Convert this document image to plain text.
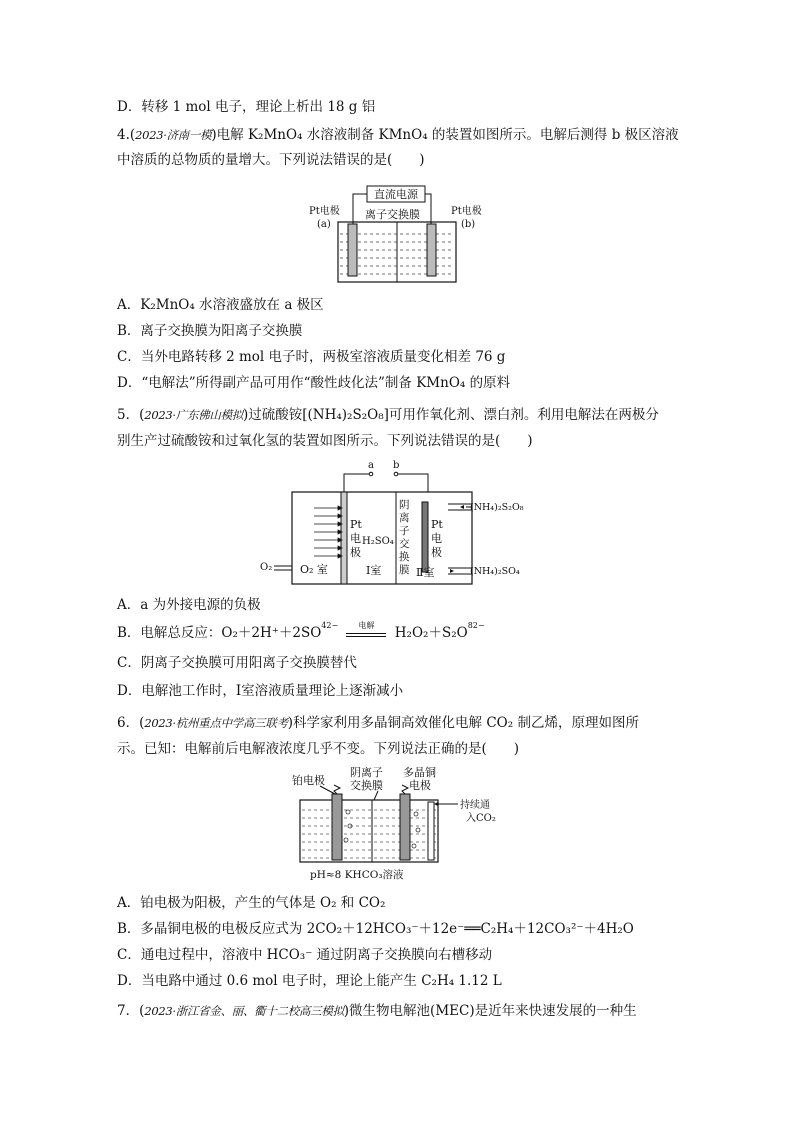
D．转移 1 mol 电子，理论上析出 18 g 铝
4.(2023·济南一模)电解 K₂MnO₄ 水溶液制备 KMnO₄ 的装置如图所示。电解后测得 b 极区溶液
中溶质的总物质的量增大。下列说法错误的是(　　)
直流电源
Pt电极
(a)
离子交换膜	Pt电极
(b)
A．K₂MnO₄ 水溶液盛放在 a 极区
B．离子交换膜为阳离子交换膜
C．当外电路转移 2 mol 电子时，两极室溶液质量变化相差 76 g
D．“电解法”所得副产品可用作“酸性歧化法”制备 KMnO₄ 的原料
5．(2023·广东佛山模拟)过硫酸铵[(NH₄)₂S₂O₈]可用作氧化剂、漂白剂。利用电解法在两极分
别生产过硫酸铵和过氧化氢的装置如图所示。下列说法错误的是(　　)
a b
O₂	O₂ 室
Pt
电
极
H₂SO₄
Ⅰ室
阴
离
子
交
换
膜
Pt
电
极
Ⅱ室
(NH₄)₂S₂O₈
(NH₄)₂SO₄
A．a 为外接电源的负极
B．电解总反应：$O_2+2H^++2SO^{42-}$	电解	$H_2O_2+S_2O^{82-}$
C．阴离子交换膜可用阳离子交换膜替代
D．电解池工作时，Ⅰ室溶液质量理论上逐渐减小
6．(2023·杭州重点中学高三联考)科学家利用多晶铜高效催化电解 CO₂ 制乙烯，原理如图所
示。已知：电解前后电解液浓度几乎不变。下列说法正确的是(　　)
铂电极
阴离子
交换膜
多晶铜
电极
持续通
入CO₂
pH≈8 KHCO₃溶液
A．铂电极为阳极，产生的气体是 O₂ 和 CO₂
B．多晶铜电极的电极反应式为 2CO₂＋12HCO₃⁻＋12e⁻══C₂H₄＋12CO₃²⁻＋4H₂O
C．通电过程中，溶液中 HCO₃⁻ 通过阴离子交换膜向右槽移动
D．当电路中通过 0.6 mol 电子时，理论上能产生 C₂H₄ 1.12 L
7．(2023·浙江省金、丽、衢十二校高三模拟)微生物电解池(MEC)是近年来快速发展的一种生
